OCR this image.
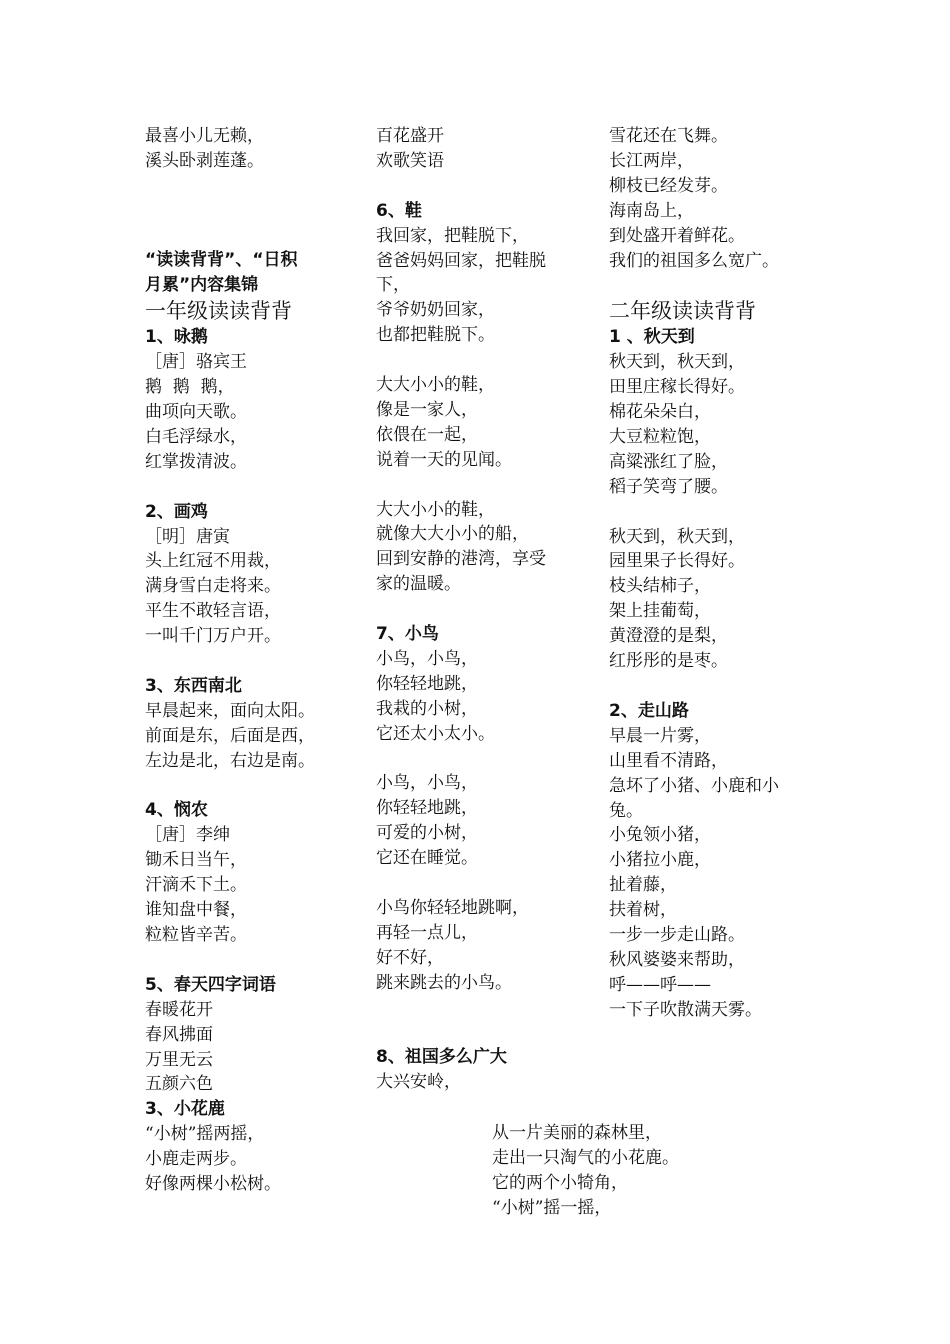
最喜小儿无赖，
溪头卧剥莲蓬。
“读读背背”、“日积
月累”内容集锦
一年级读读背背
1、咏鹅
［唐］骆宾王
鹅  鹅  鹅，
曲项向天歌。
白毛浮绿水，
红掌拨清波。
2、画鸡
［明］唐寅
头上红冠不用裁，
满身雪白走将来。
平生不敢轻言语，
一叫千门万户开。
3、东西南北
早晨起来，面向太阳。
前面是东，后面是西，
左边是北，右边是南。
4、悯农
［唐］李绅
锄禾日当午，
汗滴禾下土。
谁知盘中餐，
粒粒皆辛苦。
5、春天四字词语
春暖花开
春风拂面
万里无云
五颜六色
3、小花鹿
“小树”摇两摇，
小鹿走两步。
好像两棵小松树。
百花盛开
欢歌笑语
6、鞋
我回家，把鞋脱下，
爸爸妈妈回家，把鞋脱
下，
爷爷奶奶回家，
也都把鞋脱下。
大大小小的鞋，
像是一家人，
依偎在一起，
说着一天的见闻。
大大小小的鞋，
就像大大小小的船，
回到安静的港湾，享受
家的温暖。
7、小鸟
小鸟，小鸟，
你轻轻地跳，
我栽的小树，
它还太小太小。
小鸟，小鸟，
你轻轻地跳，
可爱的小树，
它还在睡觉。
小鸟你轻轻地跳啊，
再轻一点儿，
好不好，
跳来跳去的小鸟。
8、祖国多么广大
大兴安岭，
雪花还在飞舞。
长江两岸，
柳枝已经发芽。
海南岛上，
到处盛开着鲜花。
我们的祖国多么宽广。
二年级读读背背
1 、秋天到
秋天到，秋天到，
田里庄稼长得好。
棉花朵朵白，
大豆粒粒饱，
高粱涨红了脸，
稻子笑弯了腰。
秋天到，秋天到，
园里果子长得好。
枝头结柿子，
架上挂葡萄，
黄澄澄的是梨，
红彤彤的是枣。
2、走山路
早晨一片雾，
山里看不清路，
急坏了小猪、小鹿和小
兔。
小兔领小猪，
小猪拉小鹿，
扯着藤，
扶着树，
一步一步走山路。
秋风婆婆来帮助，
呼——呼——
一下子吹散满天雾。
从一片美丽的森林里，
走出一只淘气的小花鹿。
它的两个小犄角，
“小树”摇一摇，
